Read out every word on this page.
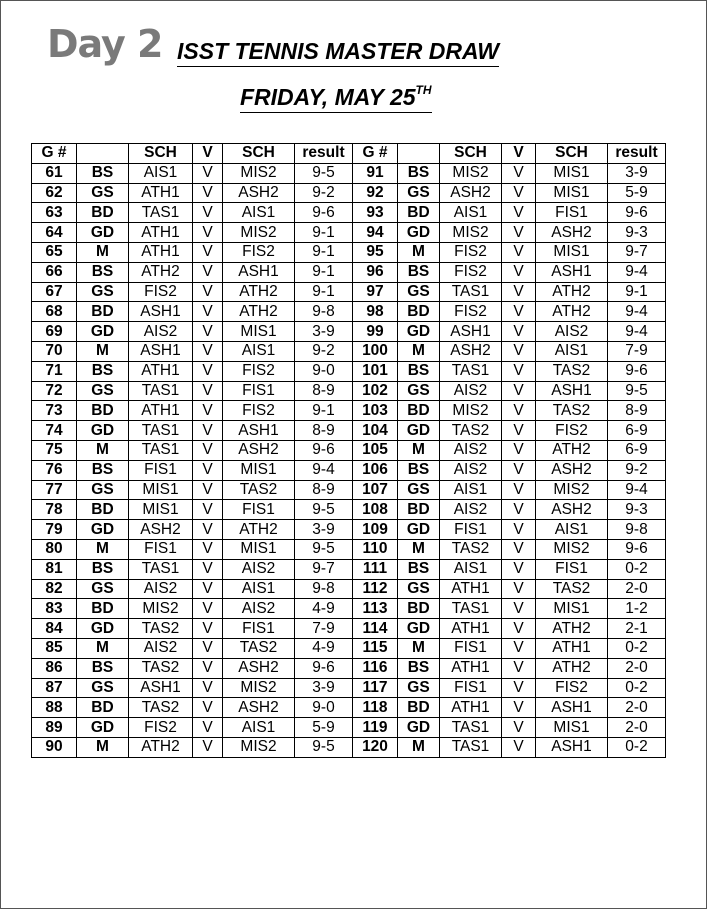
Day 2 ISST TENNIS MASTER DRAW
FRIDAY, MAY 25TH
G #		SCH	V	SCH	result	G #		SCH	V	SCH	result
61	BS	AIS1	V	MIS2	9-5	91	BS	MIS2	V	MIS1	3-9
62	GS	ATH1	V	ASH2	9-2	92	GS	ASH2	V	MIS1	5-9
63	BD	TAS1	V	AIS1	9-6	93	BD	AIS1	V	FIS1	9-6
64	GD	ATH1	V	MIS2	9-1	94	GD	MIS2	V	ASH2	9-3
65	M	ATH1	V	FIS2	9-1	95	M	FIS2	V	MIS1	9-7
66	BS	ATH2	V	ASH1	9-1	96	BS	FIS2	V	ASH1	9-4
67	GS	FIS2	V	ATH2	9-1	97	GS	TAS1	V	ATH2	9-1
68	BD	ASH1	V	ATH2	9-8	98	BD	FIS2	V	ATH2	9-4
69	GD	AIS2	V	MIS1	3-9	99	GD	ASH1	V	AIS2	9-4
70	M	ASH1	V	AIS1	9-2	100	M	ASH2	V	AIS1	7-9
71	BS	ATH1	V	FIS2	9-0	101	BS	TAS1	V	TAS2	9-6
72	GS	TAS1	V	FIS1	8-9	102	GS	AIS2	V	ASH1	9-5
73	BD	ATH1	V	FIS2	9-1	103	BD	MIS2	V	TAS2	8-9
74	GD	TAS1	V	ASH1	8-9	104	GD	TAS2	V	FIS2	6-9
75	M	TAS1	V	ASH2	9-6	105	M	AIS2	V	ATH2	6-9
76	BS	FIS1	V	MIS1	9-4	106	BS	AIS2	V	ASH2	9-2
77	GS	MIS1	V	TAS2	8-9	107	GS	AIS1	V	MIS2	9-4
78	BD	MIS1	V	FIS1	9-5	108	BD	AIS2	V	ASH2	9-3
79	GD	ASH2	V	ATH2	3-9	109	GD	FIS1	V	AIS1	9-8
80	M	FIS1	V	MIS1	9-5	110	M	TAS2	V	MIS2	9-6
81	BS	TAS1	V	AIS2	9-7	111	BS	AIS1	V	FIS1	0-2
82	GS	AIS2	V	AIS1	9-8	112	GS	ATH1	V	TAS2	2-0
83	BD	MIS2	V	AIS2	4-9	113	BD	TAS1	V	MIS1	1-2
84	GD	TAS2	V	FIS1	7-9	114	GD	ATH1	V	ATH2	2-1
85	M	AIS2	V	TAS2	4-9	115	M	FIS1	V	ATH1	0-2
86	BS	TAS2	V	ASH2	9-6	116	BS	ATH1	V	ATH2	2-0
87	GS	ASH1	V	MIS2	3-9	117	GS	FIS1	V	FIS2	0-2
88	BD	TAS2	V	ASH2	9-0	118	BD	ATH1	V	ASH1	2-0
89	GD	FIS2	V	AIS1	5-9	119	GD	TAS1	V	MIS1	2-0
90	M	ATH2	V	MIS2	9-5	120	M	TAS1	V	ASH1	0-2
